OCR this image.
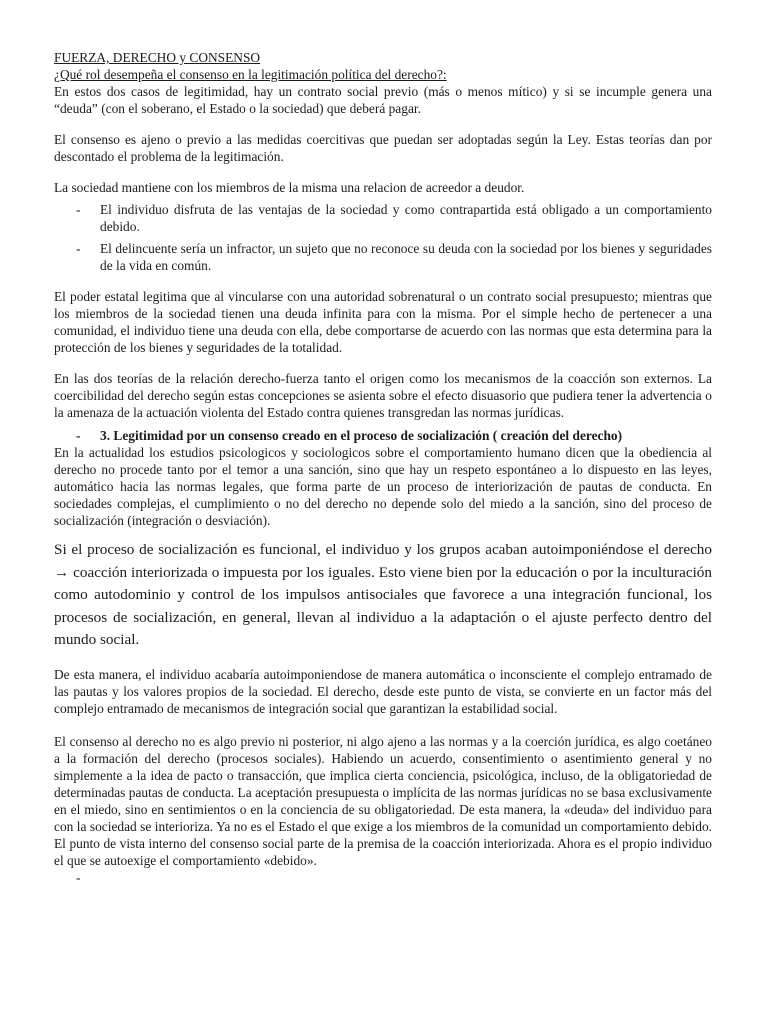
FUERZA, DERECHO y CONSENSO

¿Qué rol desempeña el consenso en la legitimación política del derecho?:

En estos dos casos de legitimidad, hay un contrato social previo (más o menos mítico) y si se incumple genera una “deuda” (con el soberano, el Estado o la sociedad) que deberá pagar.

El consenso es ajeno o previo a las medidas coercitivas que puedan ser adoptadas según la Ley. Estas teorías dan por descontado el problema de la legitimación.

La sociedad mantiene con los miembros de la misma una relacion de acreedor a deudor.

- El individuo disfruta de las ventajas de la sociedad y como contrapartida está obligado a un comportamiento debido.
- El delincuente sería un infractor, un sujeto que no reconoce su deuda con la sociedad por los bienes y seguridades de la vida en común.

El poder estatal legitima que al vincularse con una autoridad sobrenatural o un contrato social presupuesto; mientras que los miembros de la sociedad tienen una deuda infinita para con la misma. Por el simple hecho de pertenecer a una comunidad, el individuo tiene una deuda con ella, debe comportarse de acuerdo con las normas que esta determina para la protección de los bienes y seguridades de la totalidad.

En las dos teorías de la relación derecho-fuerza tanto el origen como los mecanismos de la coacción son externos. La coercibilidad del derecho según estas concepciones se asienta sobre el efecto disuasorio que pudiera tener la advertencia o la amenaza de la actuación violenta del Estado contra quienes transgredan las normas jurídicas.

- 3. Legitimidad por un consenso creado en el proceso de socialización ( creación del derecho)

En la actualidad los estudios psicologicos y sociologicos sobre el comportamiento humano dicen que la obediencia al derecho no procede tanto por el temor a una sanción, sino que hay un respeto espontáneo a lo dispuesto en las leyes, automático hacia las normas legales, que forma parte de un proceso de interiorización de pautas de conducta. En sociedades complejas, el cumplimiento o no del derecho no depende solo del miedo a la sanción, sino del proceso de socialización (integración o desviación).

Si el proceso de socialización es funcional, el individuo y los grupos acaban autoimponiéndose el derecho → coacción interiorizada o impuesta por los iguales. Esto viene bien por la educación o por la inculturación como autodominio y control de los impulsos antisociales que favorece a una integración funcional, los procesos de socialización, en general, llevan al individuo a la adaptación o el ajuste perfecto dentro del mundo social.

De esta manera, el individuo acabaría autoimponiendose de manera automática o inconsciente el complejo entramado de las pautas y los valores propios de la sociedad. El derecho, desde este punto de vista, se convierte en un factor más del complejo entramado de mecanismos de integración social que garantizan la estabilidad social.

El consenso al derecho no es algo previo ni posterior, ni algo ajeno a las normas y a la coerción jurídica, es algo coetáneo a la formación del derecho (procesos sociales). Habiendo un acuerdo, consentimiento o asentimiento general y no simplemente a la idea de pacto o transacción, que implica cierta conciencia, psicológica, incluso, de la obligatoriedad de determinadas pautas de conducta. La aceptación presupuesta o implícita de las normas jurídicas no se basa exclusivamente en el miedo, sino en sentimientos o en la conciencia de su obligatoriedad. De esta manera, la «deuda» del individuo para con la sociedad se interioriza. Ya no es el Estado el que exige a los miembros de la comunidad un comportamiento debido. El punto de vista interno del consenso social parte de la premisa de la coacción interiorizada. Ahora es el propio individuo el que se autoexige el comportamiento «debido».

-
